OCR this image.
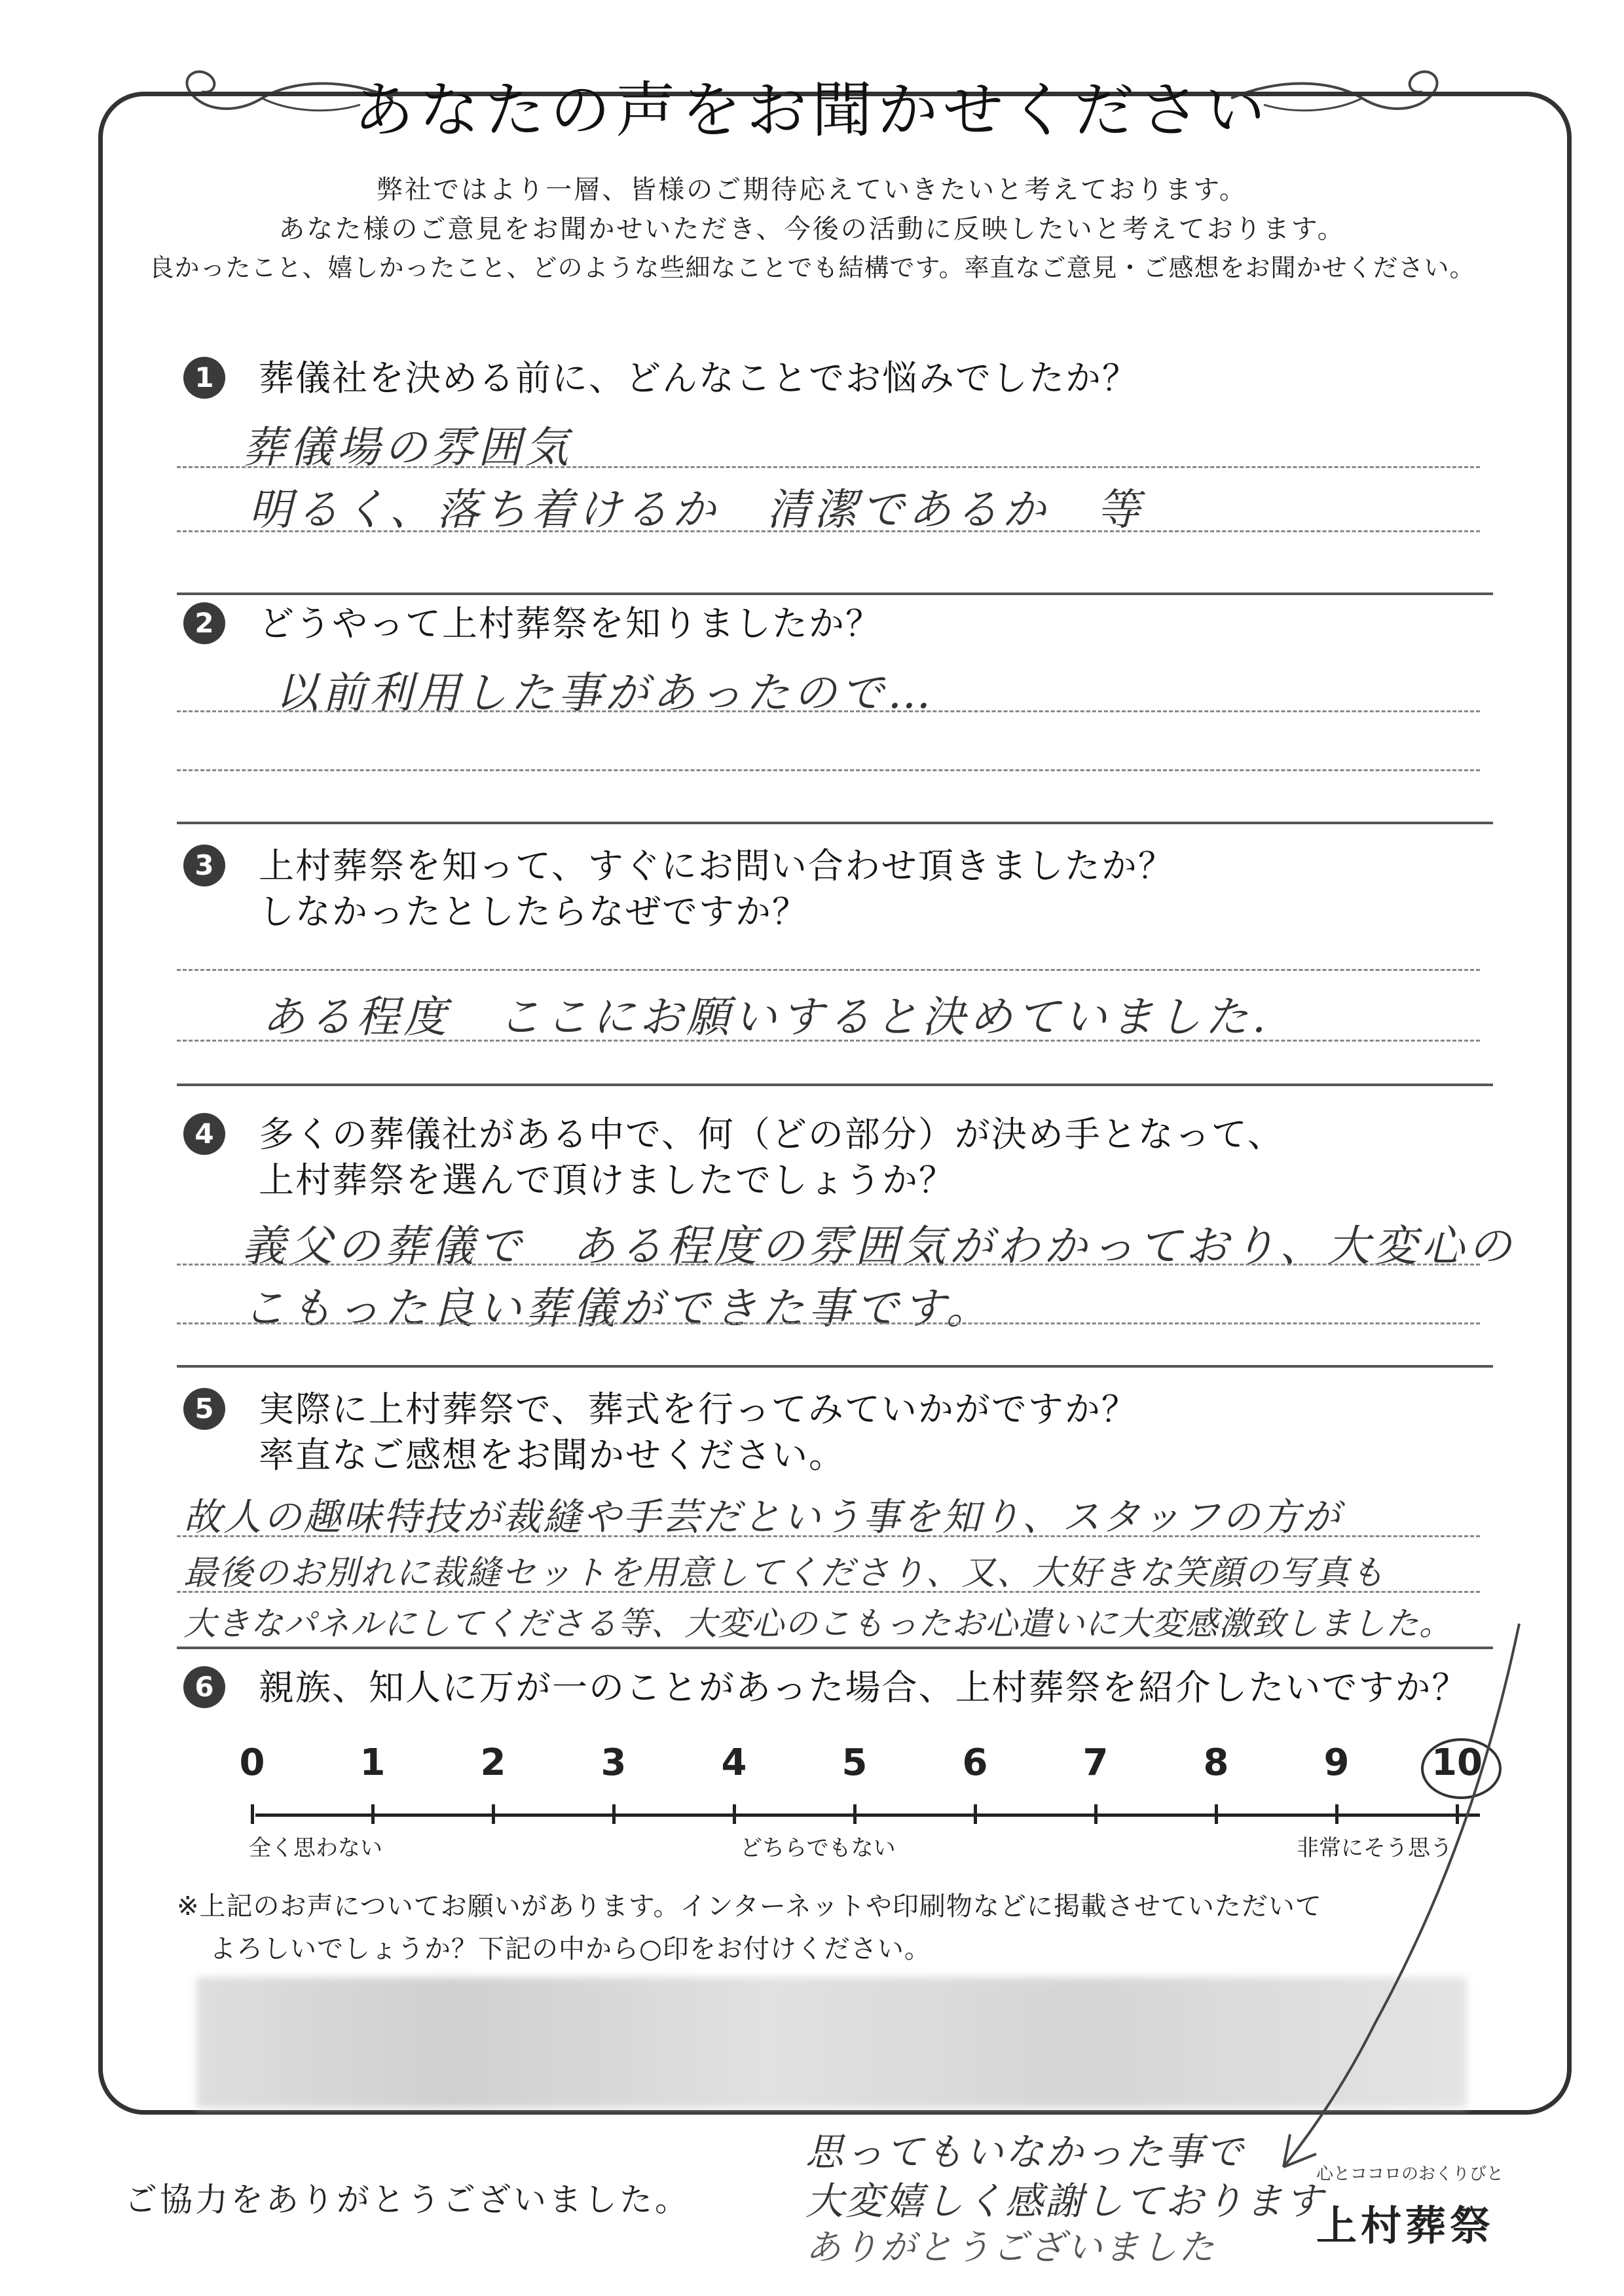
あなたの声をお聞かせください
弊社ではより一層、皆様のご期待応えていきたいと考えております。
あなた様のご意見をお聞かせいただき、今後の活動に反映したいと考えております。
良かったこと、嬉しかったこと、どのような些細なことでも結構です。率直なご意見・ご感想をお聞かせください。
1	葬儀社を決める前に、どんなことでお悩みでしたか？
葬儀場の雰囲気
明るく、落ち着けるか　清潔であるか　等
2	どうやって上村葬祭を知りましたか？
以前利用した事があったので…
3	上村葬祭を知って、すぐにお問い合わせ頂きましたか？
しなかったとしたらなぜですか？
ある程度　ここにお願いすると決めていました.
4	多くの葬儀社がある中で、何（どの部分）が決め手となって、
上村葬祭を選んで頂けましたでしょうか？
義父の葬儀で　ある程度の雰囲気がわかっており、大変心の
こもった良い葬儀ができた事です。
5	実際に上村葬祭で、葬式を行ってみていかがですか？
率直なご感想をお聞かせください。
故人の趣味特技が裁縫や手芸だという事を知り、スタッフの方が
最後のお別れに裁縫セットを用意してくださり、又、大好きな笑顔の写真も
大きなパネルにしてくださる等、大変心のこもったお心遣いに大変感激致しました。
6	親族、知人に万が一のことがあった場合、上村葬祭を紹介したいですか？
0	1	2	3	4	5	6	7	8	9	10
全く思わない	どちらでもない	非常にそう思う
※上記のお声についてお願いがあります。インターネットや印刷物などに掲載させていただいて
よろしいでしょうか？下記の中から○印をお付けください。
ご協力をありがとうございました。
思ってもいなかった事で
大変嬉しく感謝しております
ありがとうございました
心とココロのおくりびと
上村葬祭
